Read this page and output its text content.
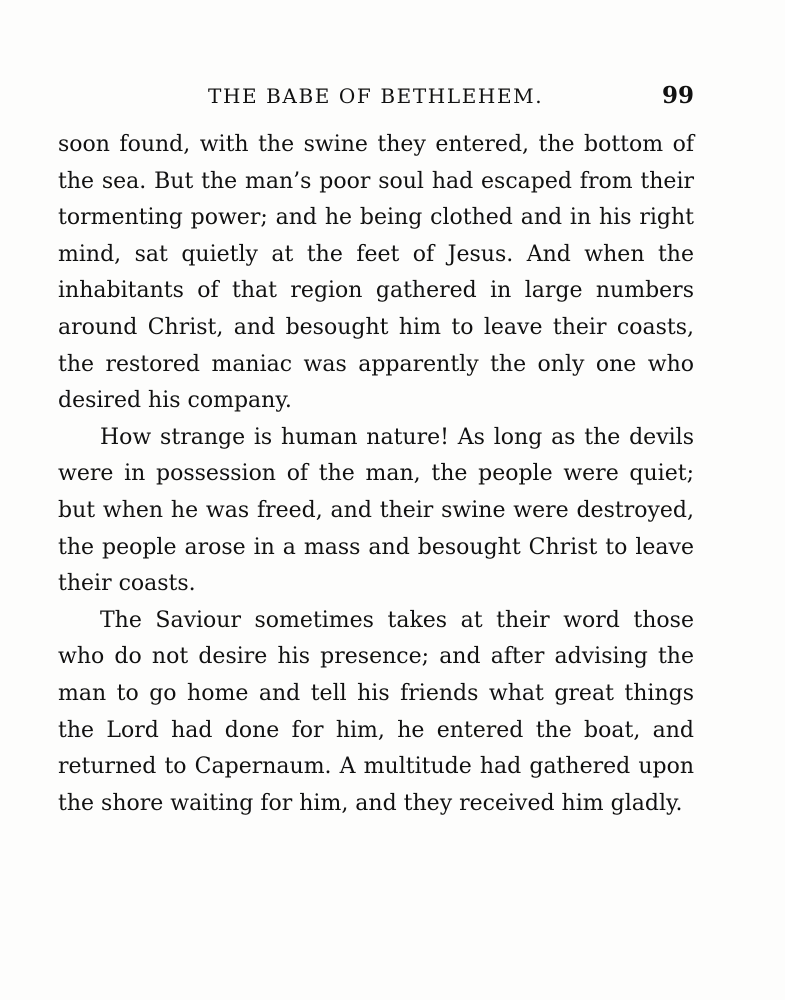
THE BABE OF BETHLEHEM.	99

soon found, with the swine they entered, the bottom of the sea. But the man’s poor soul had escaped from their tormenting power; and he being clothed and in his right mind, sat quietly at the feet of Jesus. And when the inhabitants of that region gathered in large numbers around Christ, and besought him to leave their coasts, the restored maniac was apparently the only one who desired his company.

How strange is human nature! As long as the devils were in possession of the man, the people were quiet; but when he was freed, and their swine were destroyed, the people arose in a mass and besought Christ to leave their coasts.

The Saviour sometimes takes at their word those who do not desire his presence; and after advising the man to go home and tell his friends what great things the Lord had done for him, he entered the boat, and returned to Capernaum. A multitude had gathered upon the shore waiting for him, and they received him gladly.
